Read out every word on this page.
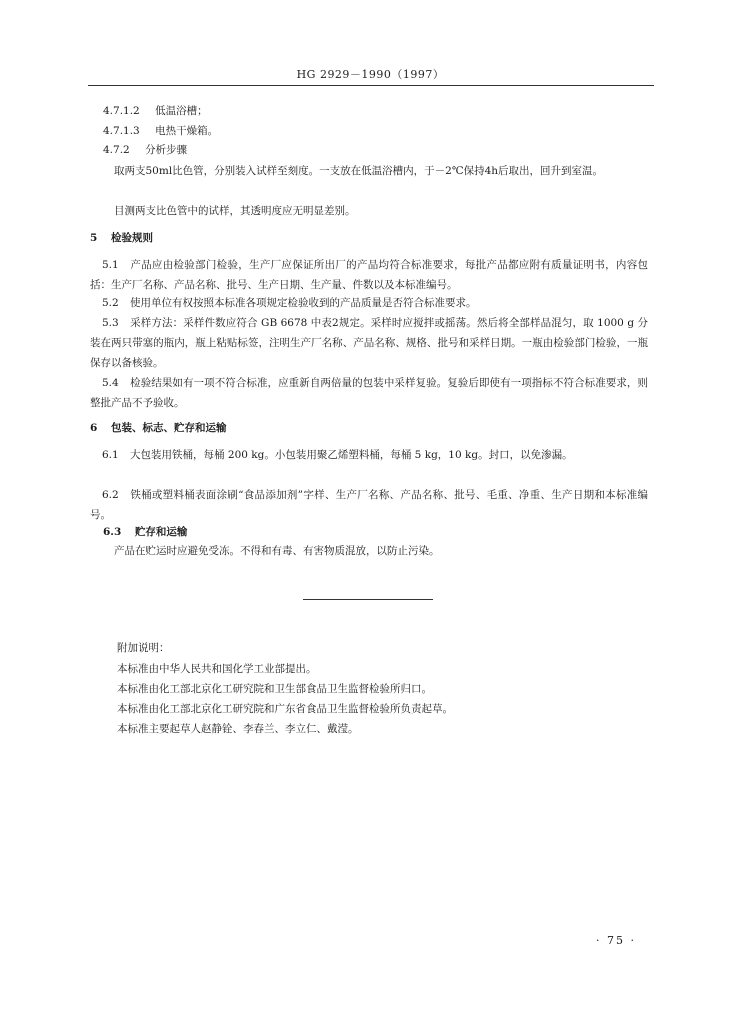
HG 2929－1990（1997）
4.7.1.2 低温浴槽；
4.7.1.3 电热干燥箱。
4.7.2 分析步骤
取两支50ml比色管，分别装入试样至刻度。一支放在低温浴槽内，于－2℃保持4h后取出，回升到室温。
目测两支比色管中的试样，其透明度应无明显差别。
5 检验规则
5.1 产品应由检验部门检验，生产厂应保证所出厂的产品均符合标准要求，每批产品都应附有质量证明书，内容包括：生产厂名称、产品名称、批号、生产日期、生产量、件数以及本标准编号。
5.2 使用单位有权按照本标准各项规定检验收到的产品质量是否符合标准要求。
5.3 采样方法：采样件数应符合 GB 6678 中表2规定。采样时应搅拌或摇荡。然后将全部样品混匀，取 1000 g 分装在两只带塞的瓶内，瓶上粘贴标签，注明生产厂名称、产品名称、规格、批号和采样日期。一瓶由检验部门检验，一瓶保存以备核验。
5.4 检验结果如有一项不符合标准，应重新自两倍量的包装中采样复验。复验后即使有一项指标不符合标准要求，则整批产品不予验收。
6 包装、标志、贮存和运输
6.1 大包装用铁桶，每桶 200 kg。小包装用聚乙烯塑料桶，每桶 5 kg，10 kg。封口，以免渗漏。
6.2 铁桶或塑料桶表面涂刷“食品添加剂”字样、生产厂名称、产品名称、批号、毛重、净重、生产日期和本标准编号。
6.3 贮存和运输
产品在贮运时应避免受冻。不得和有毒、有害物质混放，以防止污染。
附加说明：
本标准由中华人民共和国化学工业部提出。
本标准由化工部北京化工研究院和卫生部食品卫生监督检验所归口。
本标准由化工部北京化工研究院和广东省食品卫生监督检验所负责起草。
本标准主要起草人赵静铨、李春兰、李立仁、戴滢。
· 75 ·
